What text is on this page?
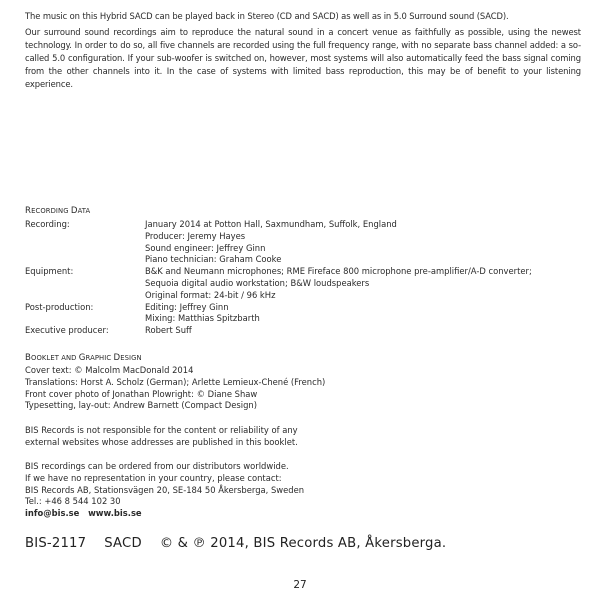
The music on this Hybrid SACD can be played back in Stereo (CD and SACD) as well as in 5.0 Surround sound (SACD).
Our surround sound recordings aim to reproduce the natural sound in a concert venue as faithfully as possible, using the newest technology. In order to do so, all five channels are recorded using the full frequency range, with no separate bass channel added: a so-called 5.0 configuration. If your sub-woofer is switched on, however, most systems will also automatically feed the bass signal coming from the other channels into it. In the case of systems with limited bass reproduction, this may be of benefit to your listening experience.
RECORDING DATA
Recording:	January 2014 at Potton Hall, Saxmundham, Suffolk, England
Producer: Jeremy Hayes
Sound engineer: Jeffrey Ginn
Piano technician: Graham Cooke
Equipment:	B&K and Neumann microphones; RME Fireface 800 microphone pre-amplifier/A-D converter;
Sequoia digital audio workstation; B&W loudspeakers
Original format: 24-bit / 96 kHz
Post-production:	Editing: Jeffrey Ginn
Mixing: Matthias Spitzbarth
Executive producer:	Robert Suff
BOOKLET AND GRAPHIC DESIGN
Cover text: © Malcolm MacDonald 2014
Translations: Horst A. Scholz (German); Arlette Lemieux-Chené (French)
Front cover photo of Jonathan Plowright: © Diane Shaw
Typesetting, lay-out: Andrew Barnett (Compact Design)
BIS Records is not responsible for the content or reliability of any
external websites whose addresses are published in this booklet.
BIS recordings can be ordered from our distributors worldwide.
If we have no representation in your country, please contact:
BIS Records AB, Stationsvägen 20, SE-184 50 Åkersberga, Sweden
Tel.: +46 8 544 102 30
info@bis.se www.bis.se
BIS-2117 SACD © & ℗ 2014, BIS Records AB, Åkersberga.
27
